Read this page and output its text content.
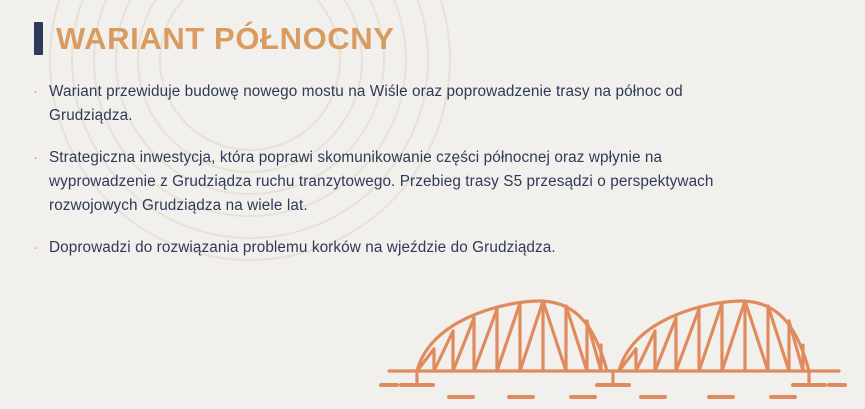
WARIANT PÓŁNOCNY
· Wariant przewiduje budowę nowego mostu na Wiśle oraz poprowadzenie trasy na północ od Grudziądza.
· Strategiczna inwestycja, która poprawi skomunikowanie części północnej oraz wpłynie na wyprowadzenie z Grudziądza ruchu tranzytowego. Przebieg trasy S5 przesądzi o perspektywach rozwojowych Grudziądza na wiele lat.
· Doprowadzi do rozwiązania problemu korków na wjeździe do Grudziądza.
